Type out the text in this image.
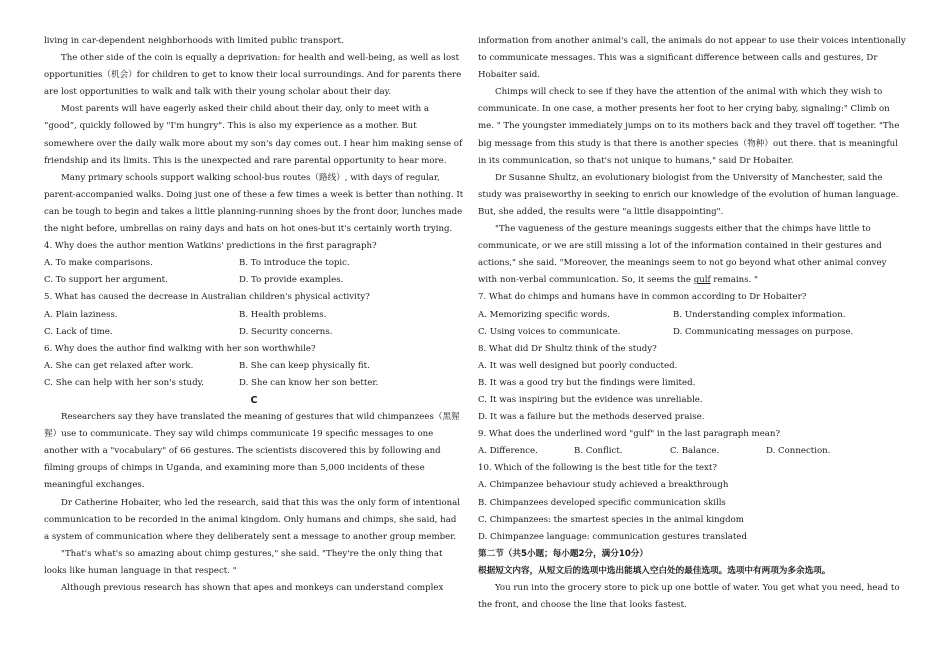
living in car-dependent neighborhoods with limited public transport.

The other side of the coin is equally a deprivation: for health and well-being, as well as lost opportunities（机会）for children to get to know their local surroundings. And for parents there are lost opportunities to walk and talk with their young scholar about their day.

Most parents will have eagerly asked their child about their day, only to meet with a “good”, quickly followed by "I'm hungry". This is also my experience as a mother. But somewhere over the daily walk more about my son's day comes out. I hear him making sense of friendship and its limits. This is the unexpected and rare parental opportunity to hear more.

Many primary schools support walking school-bus routes（路线）, with days of regular, parent-accompanied walks. Doing just one of these a few times a week is better than nothing. It can be tough to begin and takes a little planning-running shoes by the front door, lunches made the night before, umbrellas on rainy days and hats on hot ones-but it's certainly worth trying.

4. Why does the author mention Watkins' predictions in the first paragraph?

A. To make comparisons.	B. To introduce the topic.
C. To support her argument.	D. To provide examples.

5. What has caused the decrease in Australian children's physical activity?

A. Plain laziness.	B. Health problems.
C. Lack of time.	D. Security concerns.

6. Why does the author find walking with her son worthwhile?

A. She can get relaxed after work.	B. She can keep physically fit.
C. She can help with her son's study.	D. She can know her son better.

C

Researchers say they have translated the meaning of gestures that wild chimpanzees（黑猩猩）use to communicate. They say wild chimps communicate 19 specific messages to one another with a "vocabulary" of 66 gestures. The scientists discovered this by following and filming groups of chimps in Uganda, and examining more than 5,000 incidents of these meaningful exchanges.

Dr Catherine Hobaiter, who led the research, said that this was the only form of intentional communication to be recorded in the animal kingdom. Only humans and chimps, she said, had a system of communication where they deliberately sent a message to another group member.

"That's what's so amazing about chimp gestures," she said. "They're the only thing that looks like human language in that respect. "

Although previous research has shown that apes and monkeys can understand complex

information from another animal's call, the animals do not appear to use their voices intentionally to communicate messages. This was a significant difference between calls and gestures, Dr Hobaiter said.

Chimps will check to see if they have the attention of the animal with which they wish to communicate. In one case, a mother presents her foot to her crying baby, signaling:" Climb on me. " The youngster immediately jumps on to its mothers back and they travel off together. "The big message from this study is that there is another species（物种）out there. that is meaningful in its communication, so that's not unique to humans," said Dr Hobaiter.

Dr Susanne Shultz, an evolutionary biologist from the University of Manchester, said the study was praiseworthy in seeking to enrich our knowledge of the evolution of human language. But, she added, the results were "a little disappointing".

"The vagueness of the gesture meanings suggests either that the chimps have little to communicate, or we are still missing a lot of the information contained in their gestures and actions," she said. "Moreover, the meanings seem to not go beyond what other animal convey with non-verbal communication. So, it seems the gulf remains. "

7. What do chimps and humans have in common according to Dr Hobaiter?

A. Memorizing specific words.	B. Understanding complex information.
C. Using voices to communicate.	D. Communicating messages on purpose.

8. What did Dr Shultz think of the study?

A. It was well designed but poorly conducted.

B. It was a good try but the findings were limited.

C. It was inspiring but the evidence was unreliable.

D. It was a failure but the methods deserved praise.

9. What does the underlined word "gulf" in the last paragraph mean?

A. Difference.	B. Conflict.	C. Balance.	D. Connection.

10. Which of the following is the best title for the text?

A. Chimpanzee behaviour study achieved a breakthrough

B. Chimpanzees developed specific communication skills

C. Chimpanzees: the smartest species in the animal kingdom

D. Chimpanzee language: communication gestures translated

第二节（共5小题；每小题2分，满分10分）

根据短文内容，从短文后的选项中选出能填入空白处的最佳选项。选项中有两项为多余选项。

You run into the grocery store to pick up one bottle of water. You get what you need, head to the front, and choose the line that looks fastest.
